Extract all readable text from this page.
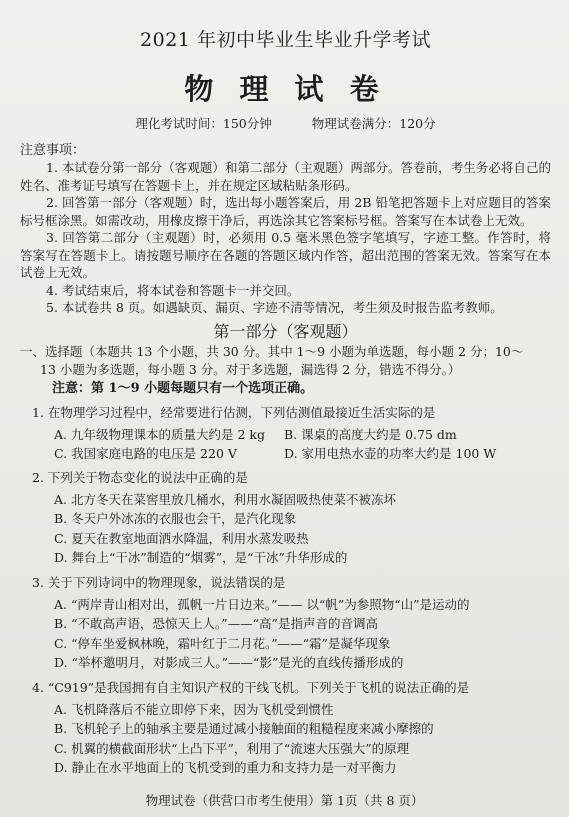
2021 年初中毕业生毕业升学考试
物 理 试 卷
理化考试时间：150分钟	物理试卷满分：120分
注意事项：

1. 本试卷分第一部分（客观题）和第二部分（主观题）两部分。答卷前，考生务必将自己的姓名、准考证号填写在答题卡上，并在规定区域粘贴条形码。

2. 回答第一部分（客观题）时，选出每小题答案后，用 2B 铅笔把答题卡上对应题目的答案标号框涂黑。如需改动，用橡皮擦干净后，再选涂其它答案标号框。答案写在本试卷上无效。

3. 回答第二部分（主观题）时，必须用 0.5 毫米黑色签字笔填写，字迹工整。作答时，将答案写在答题卡上。请按题号顺序在各题的答题区域内作答，超出范围的答案无效。答案写在本试卷上无效。

4. 考试结束后，将本试卷和答题卡一并交回。

5. 本试卷共 8 页。如遇缺页、漏页、字迹不清等情况，考生须及时报告监考教师。

第一部分（客观题）

一、选择题（本题共 13 个小题，共 30 分。其中 1～9 小题为单选题，每小题 2 分；10～

13 小题为多选题，每小题 3 分。对于多选题，漏选得 2 分，错选不得分。）

注意：第 1～9 小题每题只有一个选项正确。
1. 在物理学习过程中，经常要进行估测，下列估测值最接近生活实际的是
A. 九年级物理课本的质量大约是 2 kg	B. 课桌的高度大约是 0.75 dm
C. 我国家庭电路的电压是 220 V	D. 家用电热水壶的功率大约是 100 W
2. 下列关于物态变化的说法中正确的是
A. 北方冬天在菜窖里放几桶水，利用水凝固吸热使菜不被冻坏
B. 冬天户外冰冻的衣服也会干，是汽化现象
C. 夏天在教室地面洒水降温，利用水蒸发吸热
D. 舞台上“干冰”制造的“烟雾”，是“干冰”升华形成的
3. 关于下列诗词中的物理现象，说法错误的是
A. “两岸青山相对出，孤帆一片日边来。”—— 以“帆”为参照物“山”是运动的
B. “不敢高声语，恐惊天上人。”——“高”是指声音的音调高
C. “停车坐爱枫林晚，霜叶红于二月花。”——“霜”是凝华现象
D. “举杯邀明月，对影成三人。”——“影”是光的直线传播形成的
4. “C919”是我国拥有自主知识产权的干线飞机。下列关于飞机的说法正确的是
A. 飞机降落后不能立即停下来，因为飞机受到惯性
B. 飞机轮子上的轴承主要是通过减小接触面的粗糙程度来减小摩擦的
C. 机翼的横截面形状“上凸下平”，利用了“流速大压强大”的原理
D. 静止在水平地面上的飞机受到的重力和支持力是一对平衡力
物理试卷（供营口市考生使用）第 1页（共 8 页）
